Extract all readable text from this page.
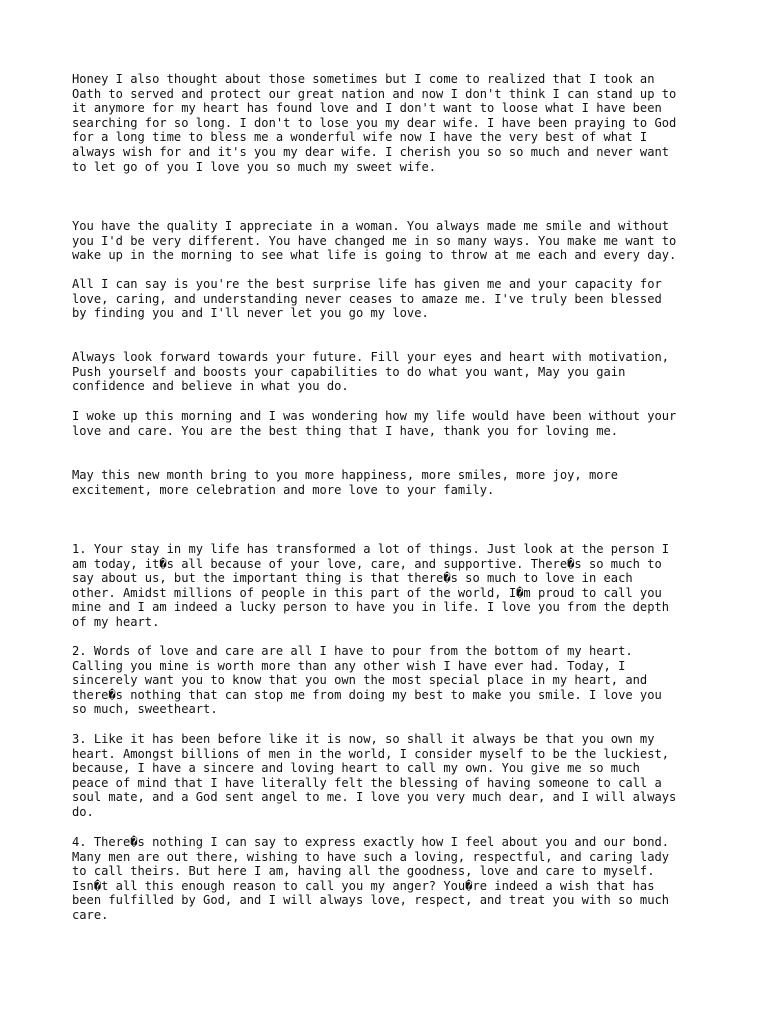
Honey I also thought about those sometimes but I come to realized that I took an
Oath to served and protect our great nation and now I don't think I can stand up to
it anymore for my heart has found love and I don't want to loose what I have been
searching for so long. I don't to lose you my dear wife. I have been praying to God
for a long time to bless me a wonderful wife now I have the very best of what I
always wish for and it's you my dear wife. I cherish you so so much and never want
to let go of you I love you so much my sweet wife.

You have the quality I appreciate in a woman. You always made me smile and without
you I'd be very different. You have changed me in so many ways. You make me want to
wake up in the morning to see what life is going to throw at me each and every day.

All I can say is you're the best surprise life has given me and your capacity for
love, caring, and understanding never ceases to amaze me. I've truly been blessed
by finding you and I'll never let you go my love.

Always look forward towards your future. Fill your eyes and heart with motivation,
Push yourself and boosts your capabilities to do what you want, May you gain
confidence and believe in what you do.

I woke up this morning and I was wondering how my life would have been without your
love and care. You are the best thing that I have, thank you for loving me.

May this new month bring to you more happiness, more smiles, more joy, more
excitement, more celebration and more love to your family.

1. Your stay in my life has transformed a lot of things. Just look at the person I
am today, it�s all because of your love, care, and supportive. There�s so much to
say about us, but the important thing is that there�s so much to love in each
other. Amidst millions of people in this part of the world, I�m proud to call you
mine and I am indeed a lucky person to have you in life. I love you from the depth
of my heart.

2. Words of love and care are all I have to pour from the bottom of my heart.
Calling you mine is worth more than any other wish I have ever had. Today, I
sincerely want you to know that you own the most special place in my heart, and
there�s nothing that can stop me from doing my best to make you smile. I love you
so much, sweetheart.

3. Like it has been before like it is now, so shall it always be that you own my
heart. Amongst billions of men in the world, I consider myself to be the luckiest,
because, I have a sincere and loving heart to call my own. You give me so much
peace of mind that I have literally felt the blessing of having someone to call a
soul mate, and a God sent angel to me. I love you very much dear, and I will always
do.

4. There�s nothing I can say to express exactly how I feel about you and our bond.
Many men are out there, wishing to have such a loving, respectful, and caring lady
to call theirs. But here I am, having all the goodness, love and care to myself.
Isn�t all this enough reason to call you my anger? You�re indeed a wish that has
been fulfilled by God, and I will always love, respect, and treat you with so much
care.
